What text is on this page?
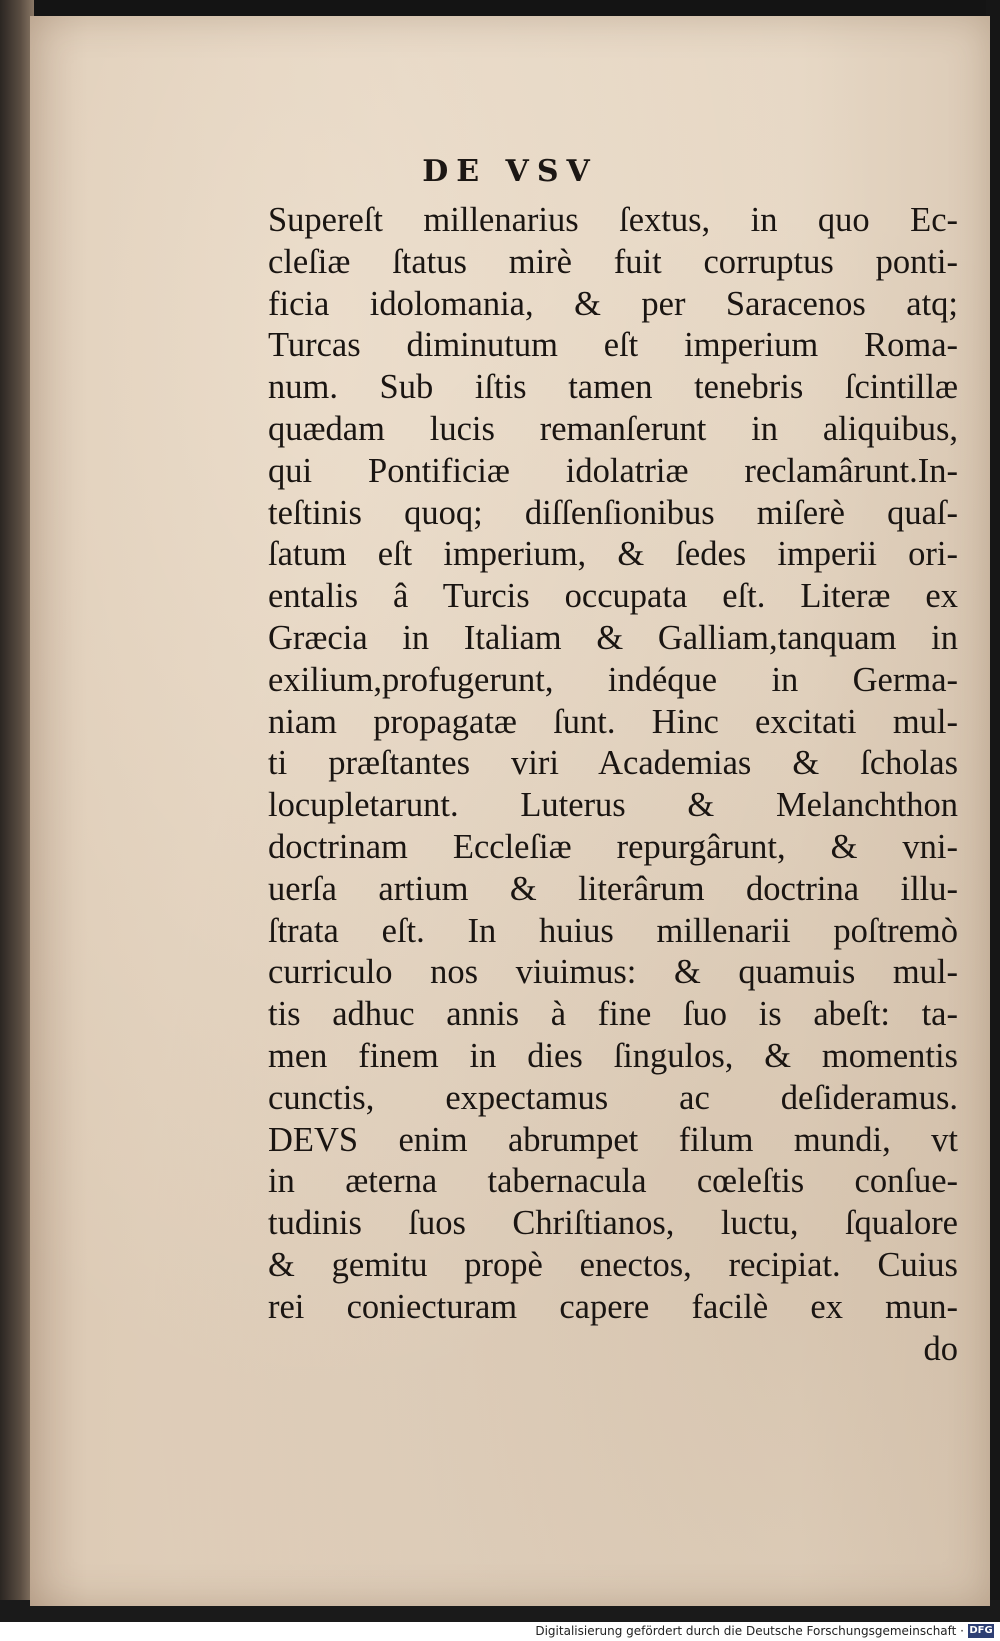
DE VSV
Supereſt millenarius ſextus, in quo Ec‑
cleſiæ ſtatus mirè fuit corruptus ponti‑
ficia idolomania, & per Saracenos atq;
Turcas diminutum eſt imperium Roma‑
num. Sub iſtis tamen tenebris ſcintillæ
quædam lucis remanſerunt in aliquibus,
qui Pontificiæ idolatriæ reclamârunt.In‑
teſtinis quoq; diſſenſionibus miſerè quaſ‑
ſatum eſt imperium, & ſedes imperii ori‑
entalis â Turcis occupata eſt. Literæ ex
Græcia in Italiam & Galliam,tanquam in
exilium,profugerunt, indéque in Germa‑
niam propagatæ ſunt. Hinc excitati mul‑
ti præſtantes viri Academias & ſcholas
locupletarunt. Luterus & Melanchthon
doctrinam Eccleſiæ repurgârunt, & vni‑
uerſa artium & literârum doctrina illu‑
ſtrata eſt. In huius millenarii poſtremò
curriculo nos viuimus: & quamuis mul‑
tis adhuc annis à fine ſuo is abeſt: ta‑
men finem in dies ſingulos, & momentis
cunctis, expectamus ac deſideramus.
DEVS enim abrumpet filum mundi, vt
in æterna tabernacula cœleſtis conſue‑
tudinis ſuos Chriſtianos, luctu, ſqualore
& gemitu propè enectos, recipiat. Cuius
rei coniecturam capere facilè ex mun‑
do
Digitalisierung gefördert durch die Deutsche Forschungsgemeinschaft · DFG
